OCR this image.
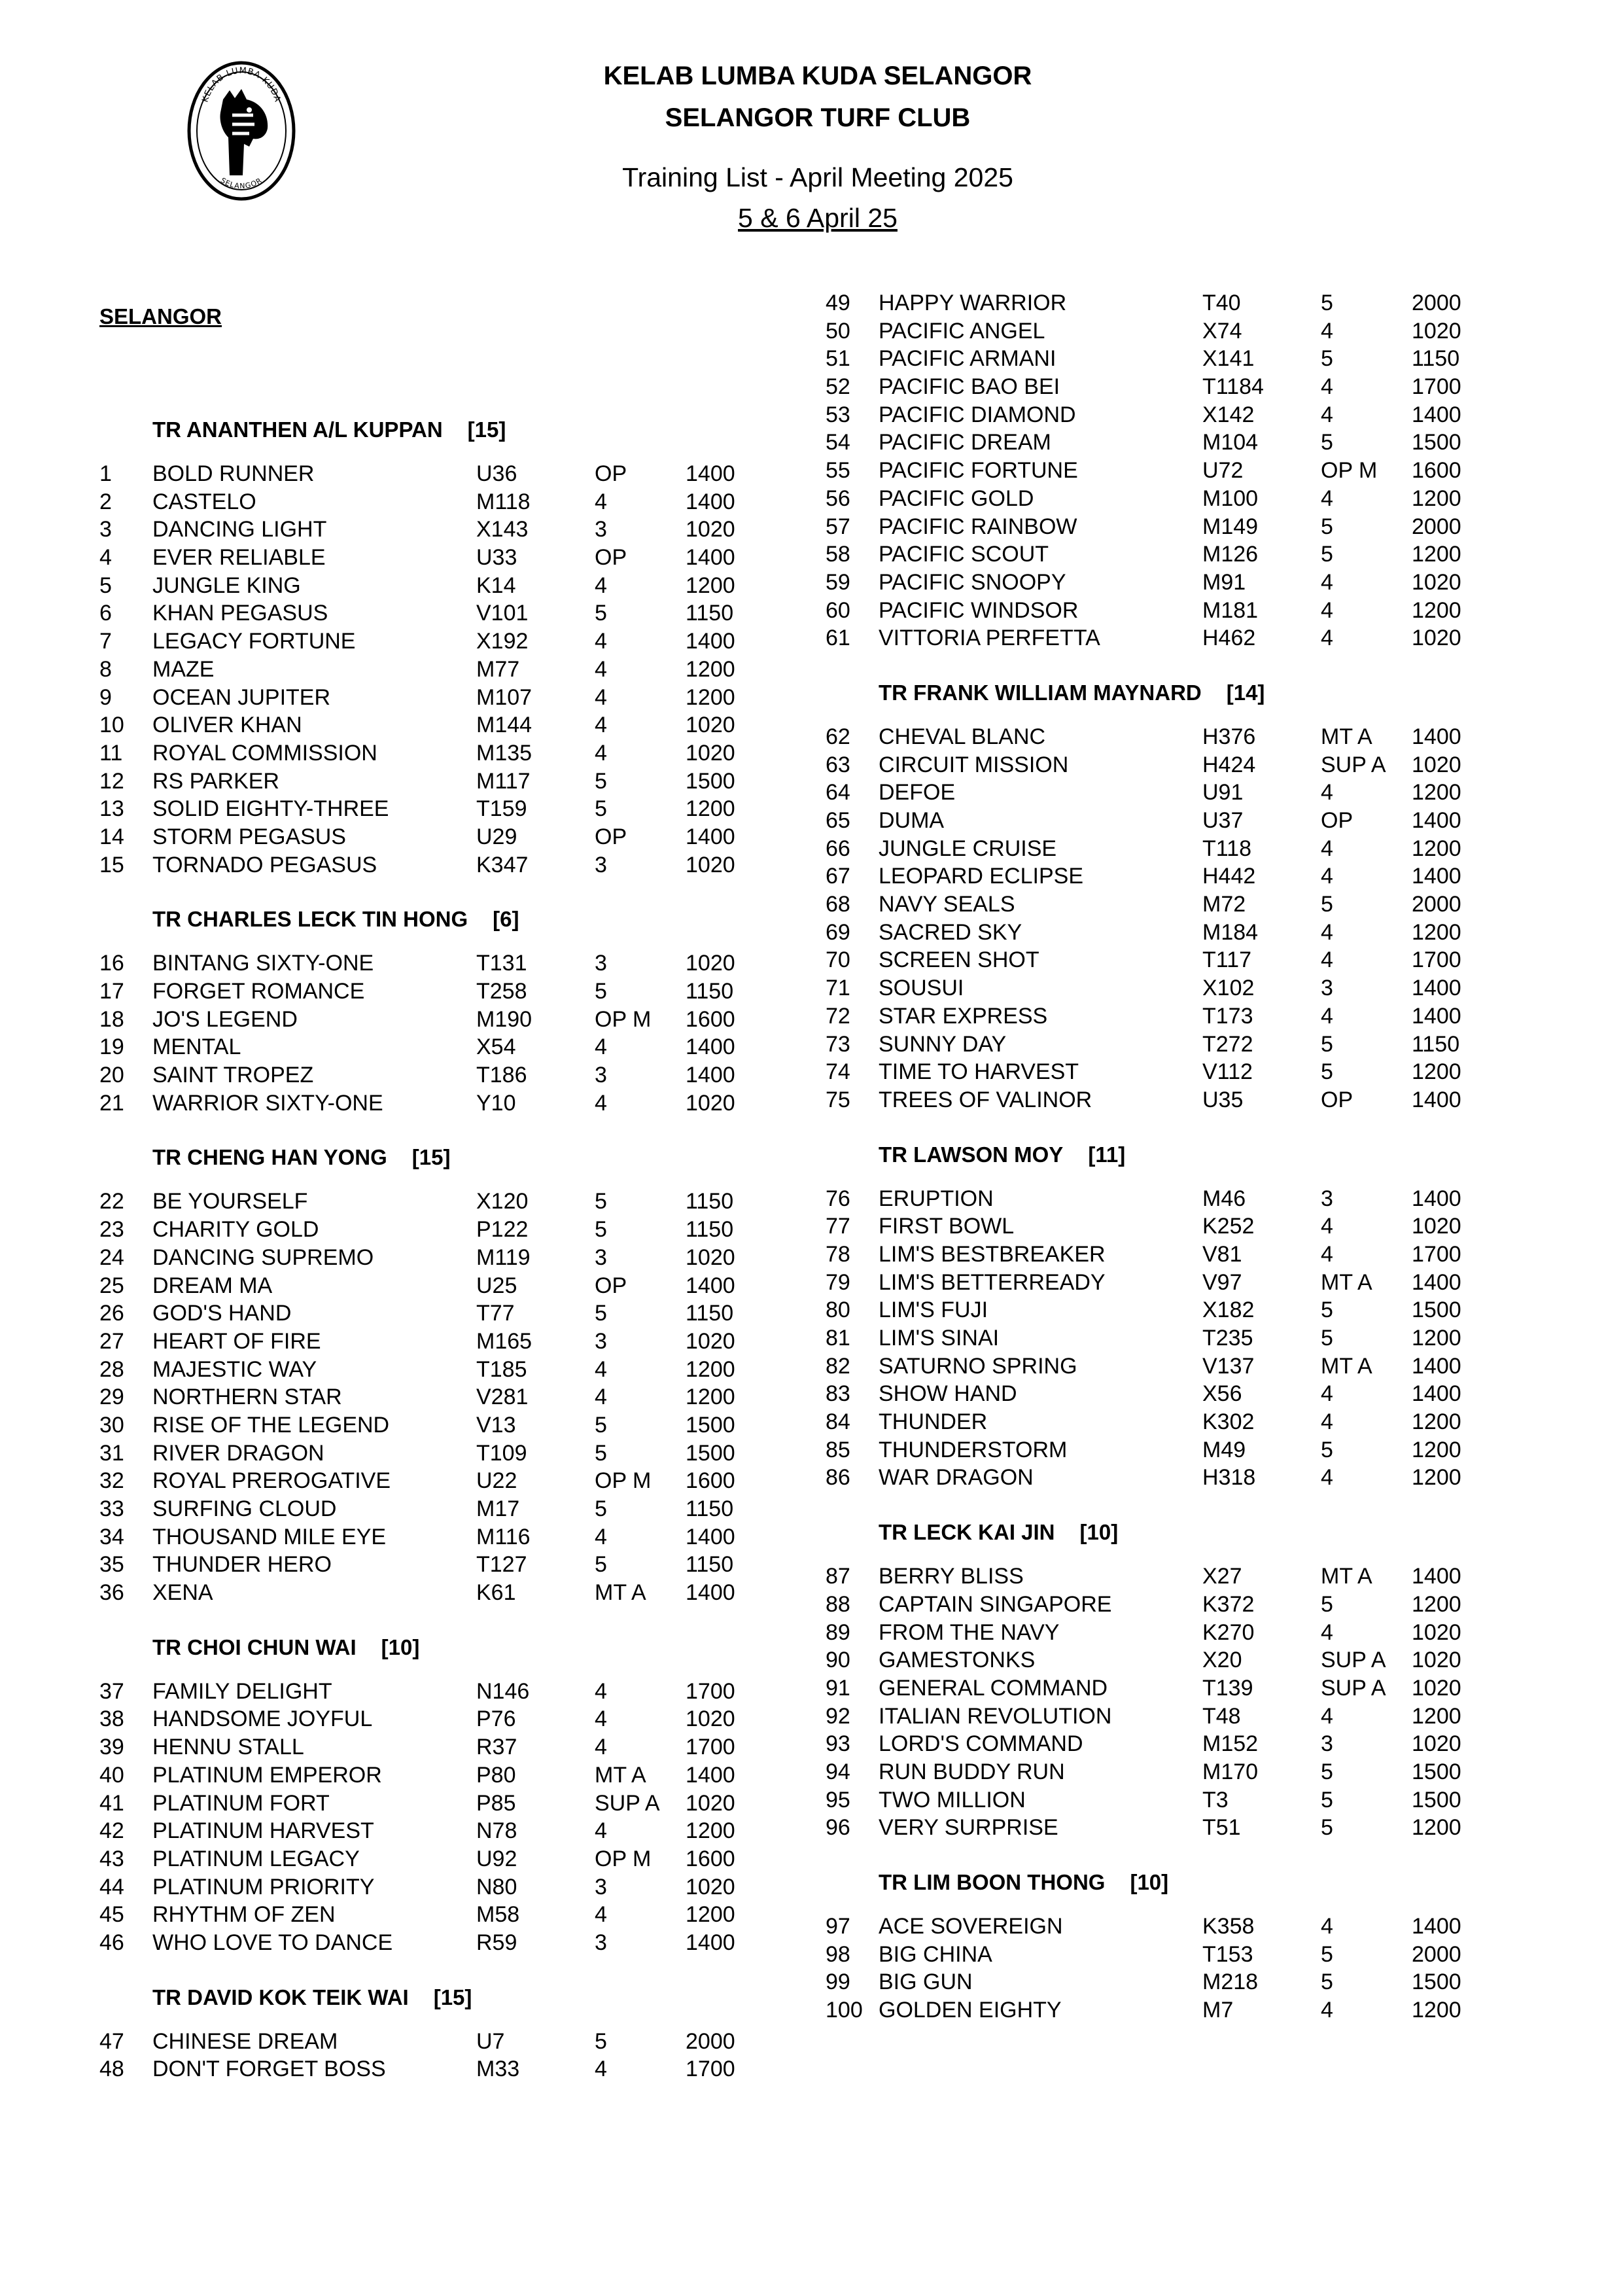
KELAB LUMBA KUDA
SELANGOR
KELAB LUMBA KUDA SELANGOR
SELANGOR TURF CLUB
Training List - April Meeting 2025
5 & 6 April 25
SELANGOR
TR ANANTHEN A/L KUPPAN [15]
1	BOLD RUNNER	U36	OP	1400
2	CASTELO	M118	4	1400
3	DANCING LIGHT	X143	3	1020
4	EVER RELIABLE	U33	OP	1400
5	JUNGLE KING	K14	4	1200
6	KHAN PEGASUS	V101	5	1150
7	LEGACY FORTUNE	X192	4	1400
8	MAZE	M77	4	1200
9	OCEAN JUPITER	M107	4	1200
10	OLIVER KHAN	M144	4	1020
11	ROYAL COMMISSION	M135	4	1020
12	RS PARKER	M117	5	1500
13	SOLID EIGHTY-THREE	T159	5	1200
14	STORM PEGASUS	U29	OP	1400
15	TORNADO PEGASUS	K347	3	1020
TR CHARLES LECK TIN HONG [6]
16	BINTANG SIXTY-ONE	T131	3	1020
17	FORGET ROMANCE	T258	5	1150
18	JO'S LEGEND	M190	OP M	1600
19	MENTAL	X54	4	1400
20	SAINT TROPEZ	T186	3	1400
21	WARRIOR SIXTY-ONE	Y10	4	1020
TR CHENG HAN YONG [15]
22	BE YOURSELF	X120	5	1150
23	CHARITY GOLD	P122	5	1150
24	DANCING SUPREMO	M119	3	1020
25	DREAM MA	U25	OP	1400
26	GOD'S HAND	T77	5	1150
27	HEART OF FIRE	M165	3	1020
28	MAJESTIC WAY	T185	4	1200
29	NORTHERN STAR	V281	4	1200
30	RISE OF THE LEGEND	V13	5	1500
31	RIVER DRAGON	T109	5	1500
32	ROYAL PREROGATIVE	U22	OP M	1600
33	SURFING CLOUD	M17	5	1150
34	THOUSAND MILE EYE	M116	4	1400
35	THUNDER HERO	T127	5	1150
36	XENA	K61	MT A	1400
TR CHOI CHUN WAI [10]
37	FAMILY DELIGHT	N146	4	1700
38	HANDSOME JOYFUL	P76	4	1020
39	HENNU STALL	R37	4	1700
40	PLATINUM EMPEROR	P80	MT A	1400
41	PLATINUM FORT	P85	SUP A	1020
42	PLATINUM HARVEST	N78	4	1200
43	PLATINUM LEGACY	U92	OP M	1600
44	PLATINUM PRIORITY	N80	3	1020
45	RHYTHM OF ZEN	M58	4	1200
46	WHO LOVE TO DANCE	R59	3	1400
TR DAVID KOK TEIK WAI [15]
47	CHINESE DREAM	U7	5	2000
48	DON'T FORGET BOSS	M33	4	1700
49	HAPPY WARRIOR	T40	5	2000
50	PACIFIC ANGEL	X74	4	1020
51	PACIFIC ARMANI	X141	5	1150
52	PACIFIC BAO BEI	T1184	4	1700
53	PACIFIC DIAMOND	X142	4	1400
54	PACIFIC DREAM	M104	5	1500
55	PACIFIC FORTUNE	U72	OP M	1600
56	PACIFIC GOLD	M100	4	1200
57	PACIFIC RAINBOW	M149	5	2000
58	PACIFIC SCOUT	M126	5	1200
59	PACIFIC SNOOPY	M91	4	1020
60	PACIFIC WINDSOR	M181	4	1200
61	VITTORIA PERFETTA	H462	4	1020
TR FRANK WILLIAM MAYNARD [14]
62	CHEVAL BLANC	H376	MT A	1400
63	CIRCUIT MISSION	H424	SUP A	1020
64	DEFOE	U91	4	1200
65	DUMA	U37	OP	1400
66	JUNGLE CRUISE	T118	4	1200
67	LEOPARD ECLIPSE	H442	4	1400
68	NAVY SEALS	M72	5	2000
69	SACRED SKY	M184	4	1200
70	SCREEN SHOT	T117	4	1700
71	SOUSUI	X102	3	1400
72	STAR EXPRESS	T173	4	1400
73	SUNNY DAY	T272	5	1150
74	TIME TO HARVEST	V112	5	1200
75	TREES OF VALINOR	U35	OP	1400
TR LAWSON MOY [11]
76	ERUPTION	M46	3	1400
77	FIRST BOWL	K252	4	1020
78	LIM'S BESTBREAKER	V81	4	1700
79	LIM'S BETTERREADY	V97	MT A	1400
80	LIM'S FUJI	X182	5	1500
81	LIM'S SINAI	T235	5	1200
82	SATURNO SPRING	V137	MT A	1400
83	SHOW HAND	X56	4	1400
84	THUNDER	K302	4	1200
85	THUNDERSTORM	M49	5	1200
86	WAR DRAGON	H318	4	1200
TR LECK KAI JIN [10]
87	BERRY BLISS	X27	MT A	1400
88	CAPTAIN SINGAPORE	K372	5	1200
89	FROM THE NAVY	K270	4	1020
90	GAMESTONKS	X20	SUP A	1020
91	GENERAL COMMAND	T139	SUP A	1020
92	ITALIAN REVOLUTION	T48	4	1200
93	LORD'S COMMAND	M152	3	1020
94	RUN BUDDY RUN	M170	5	1500
95	TWO MILLION	T3	5	1500
96	VERY SURPRISE	T51	5	1200
TR LIM BOON THONG [10]
97	ACE SOVEREIGN	K358	4	1400
98	BIG CHINA	T153	5	2000
99	BIG GUN	M218	5	1500
100 GOLDEN EIGHTY	M7	4	1200
